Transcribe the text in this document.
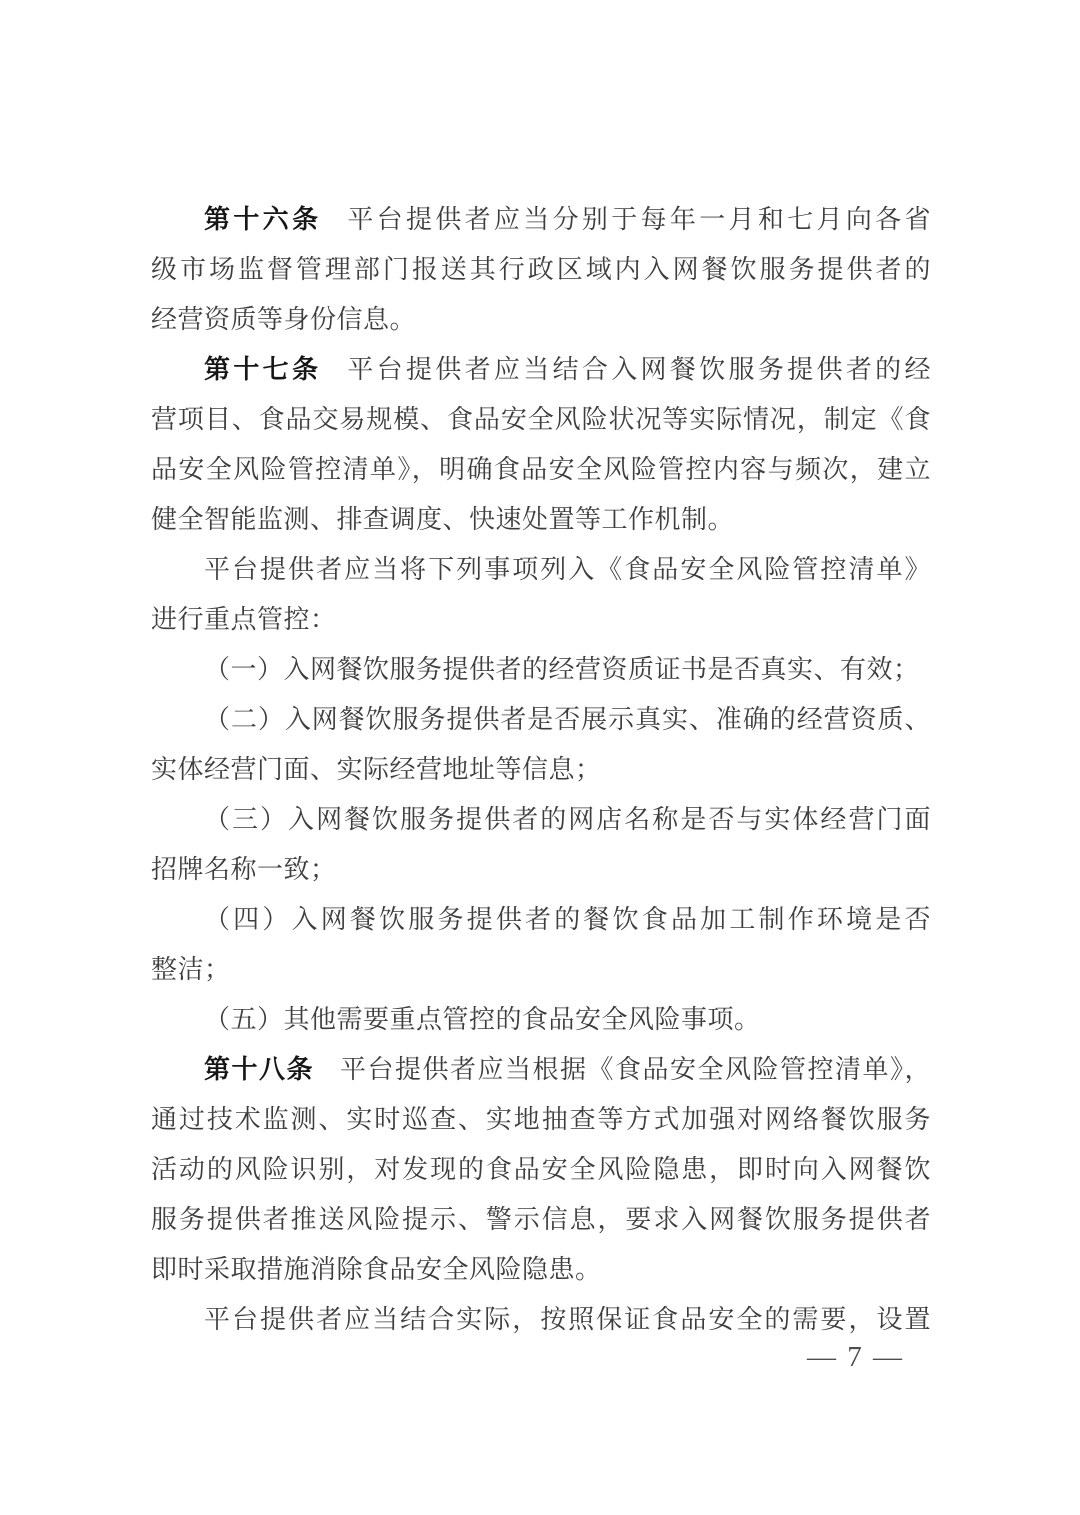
第十六条 平台提供者应当分别于每年一月和七月向各省
级市场监督管理部门报送其行政区域内入网餐饮服务提供者的
经营资质等身份信息。
第十七条 平台提供者应当结合入网餐饮服务提供者的经
营项目、食品交易规模、食品安全风险状况等实际情况，制定《食
品安全风险管控清单》，明确食品安全风险管控内容与频次，建立
健全智能监测、排查调度、快速处置等工作机制。
平台提供者应当将下列事项列入《食品安全风险管控清单》
进行重点管控：
（一）入网餐饮服务提供者的经营资质证书是否真实、有效；
（二）入网餐饮服务提供者是否展示真实、准确的经营资质、
实体经营门面、实际经营地址等信息；
（三）入网餐饮服务提供者的网店名称是否与实体经营门面
招牌名称一致；
（四）入网餐饮服务提供者的餐饮食品加工制作环境是否
整洁；
（五）其他需要重点管控的食品安全风险事项。
第十八条 平台提供者应当根据《食品安全风险管控清单》，
通过技术监测、实时巡查、实地抽查等方式加强对网络餐饮服务
活动的风险识别，对发现的食品安全风险隐患，即时向入网餐饮
服务提供者推送风险提示、警示信息，要求入网餐饮服务提供者
即时采取措施消除食品安全风险隐患。
平台提供者应当结合实际，按照保证食品安全的需要，设置
— 7 —
